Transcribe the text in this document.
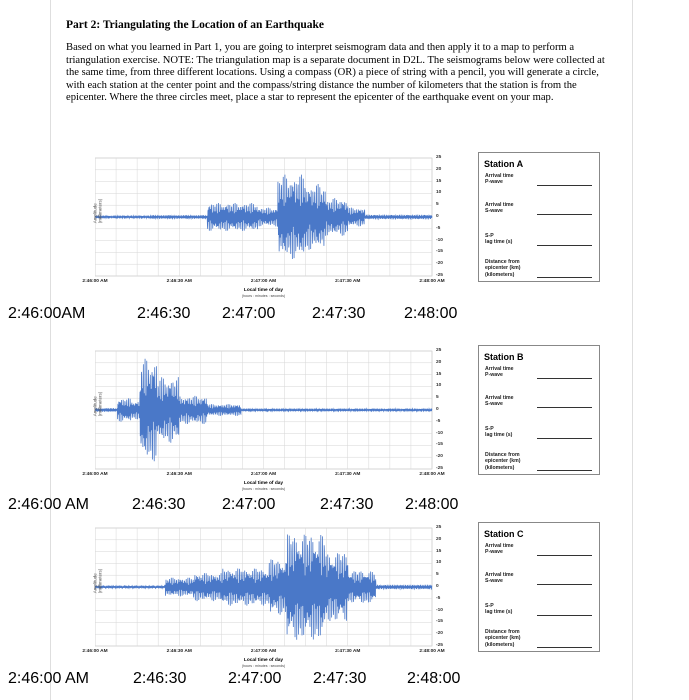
Part 2: Triangulating the Location of an Earthquake
Based on what you learned in Part 1, you are going to interpret seismogram data and then apply it to a map to perform a triangulation exercise. NOTE: The triangulation map is a separate document in D2L. The seismograms below were collected at the same time, from three different locations. Using a compass (OR) a piece of string with a pencil, you will generate a circle, with each station at the center point and the compass/string distance the number of kilometers that the station is from the epicenter. Where the three circles meet, place a star to represent the epicenter of the earthquake event on your map.
Amplitude (millimeters)
25
20
15
10
5
0
-5
-10
-15
-20
-25
2:46:00 AM	2:46:30 AM	2:47:00 AM	2:47:30 AM	2:48:00 AM
Local time of day
(hours : minutes : seconds)
Station A
Arrival time
P-wave
Arrival time
S-wave
S-P
lag time (s)
Distance from
epicenter (km)
(kilometers)
Amplitude (millimeters)
25
20
15
10
5
0
-5
-10
-15
-20
-25
2:46:00 AM	2:46:30 AM	2:47:00 AM	2:47:30 AM	2:48:00 AM
Local time of day
(hours : minutes : seconds)
Station B
Arrival time
P-wave
Arrival time
S-wave
S-P
lag time (s)
Distance from
epicenter (km)
(kilometers)
Amplitude (millimeters)
25
20
15
10
5
0
-5
-10
-15
-20
-25
2:46:00 AM	2:46:30 AM	2:47:00 AM	2:47:30 AM	2:48:00 AM
Local time of day
(hours : minutes : seconds)
Station C
Arrival time
P-wave
Arrival time
S-wave
S-P
lag time (s)
Distance from
epicenter (km)
(kilometers)
2:46:00AM	2:46:30 2:47:00 2:47:30 2:48:00
2:46:00 AM	2:46:30 2:47:00	2:47:30 2:48:00
2:46:00 AM	2:46:30	2:47:00 2:47:30	2:48:00
